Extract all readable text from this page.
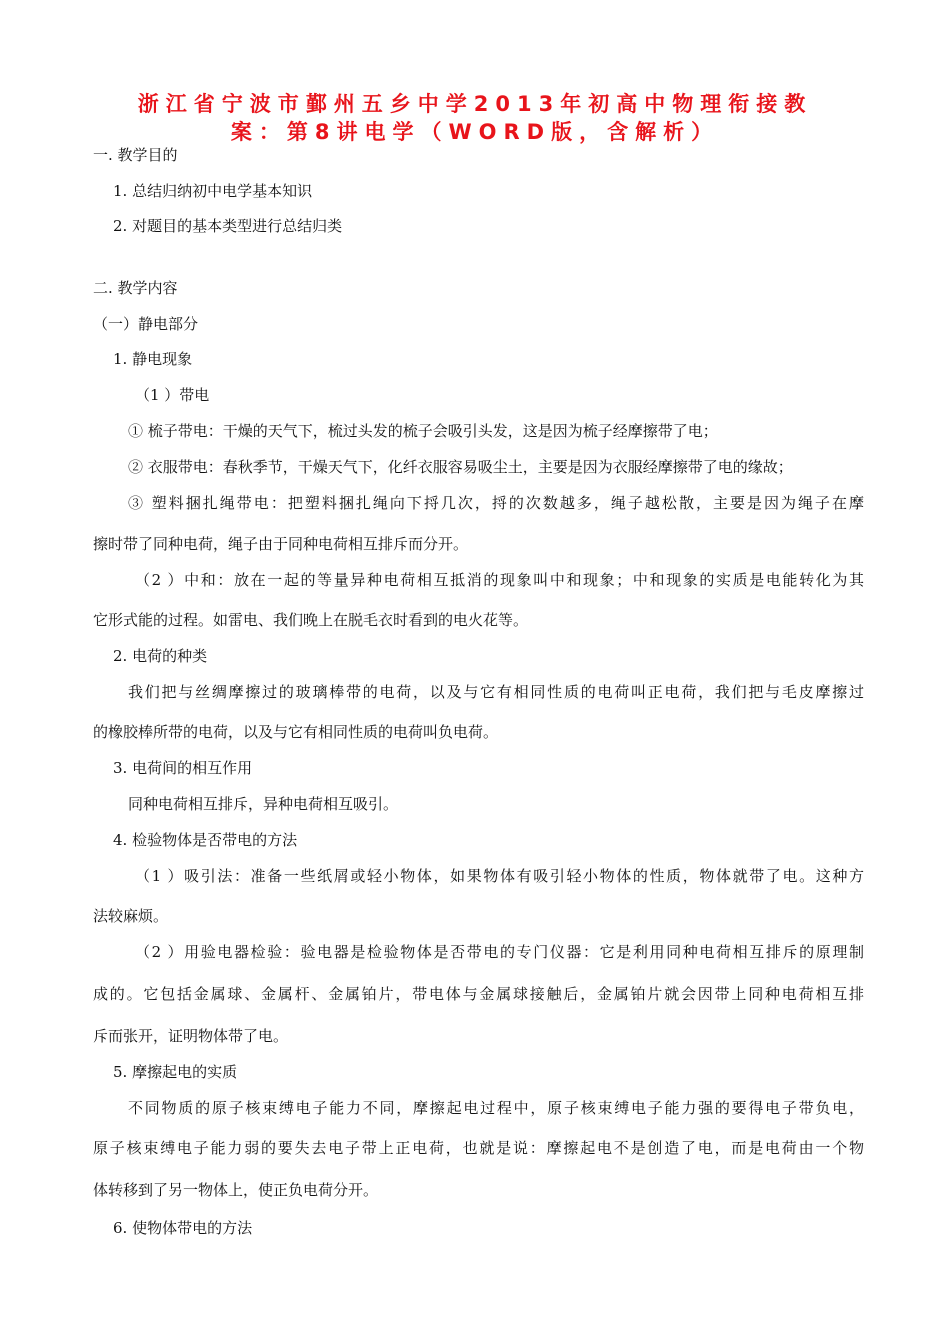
浙江省宁波市鄞州五乡中学2013年初高中物理衔接教
案：第8讲电学（WORD版，含解析）
一. 教学目的
1. 总结归纳初中电学基本知识
2. 对题目的基本类型进行总结归类
二. 教学内容
（一）静电部分
1. 静电现象
（1 ）带电
① 梳子带电：干燥的天气下，梳过头发的梳子会吸引头发，这是因为梳子经摩擦带了电；
② 衣服带电：春秋季节，干燥天气下，化纤衣服容易吸尘土，主要是因为衣服经摩擦带了电的缘故；
③ 塑料捆扎绳带电：把塑料捆扎绳向下捋几次，捋的次数越多，绳子越松散，主要是因为绳子在摩
擦时带了同种电荷，绳子由于同种电荷相互排斥而分开。
（2 ）中和：放在一起的等量异种电荷相互抵消的现象叫中和现象；中和现象的实质是电能转化为其
它形式能的过程。如雷电、我们晚上在脱毛衣时看到的电火花等。
2. 电荷的种类
我们把与丝绸摩擦过的玻璃棒带的电荷，以及与它有相同性质的电荷叫正电荷，我们把与毛皮摩擦过
的橡胶棒所带的电荷，以及与它有相同性质的电荷叫负电荷。
3. 电荷间的相互作用
同种电荷相互排斥，异种电荷相互吸引。
4. 检验物体是否带电的方法
（1 ）吸引法：准备一些纸屑或轻小物体，如果物体有吸引轻小物体的性质，物体就带了电。这种方
法较麻烦。
（2 ）用验电器检验：验电器是检验物体是否带电的专门仪器：它是利用同种电荷相互排斥的原理制
成的。它包括金属球、金属杆、金属铂片，带电体与金属球接触后，金属铂片就会因带上同种电荷相互排
斥而张开，证明物体带了电。
5. 摩擦起电的实质
不同物质的原子核束缚电子能力不同，摩擦起电过程中，原子核束缚电子能力强的要得电子带负电，
原子核束缚电子能力弱的要失去电子带上正电荷，也就是说：摩擦起电不是创造了电，而是电荷由一个物
体转移到了另一物体上，使正负电荷分开。
6. 使物体带电的方法
